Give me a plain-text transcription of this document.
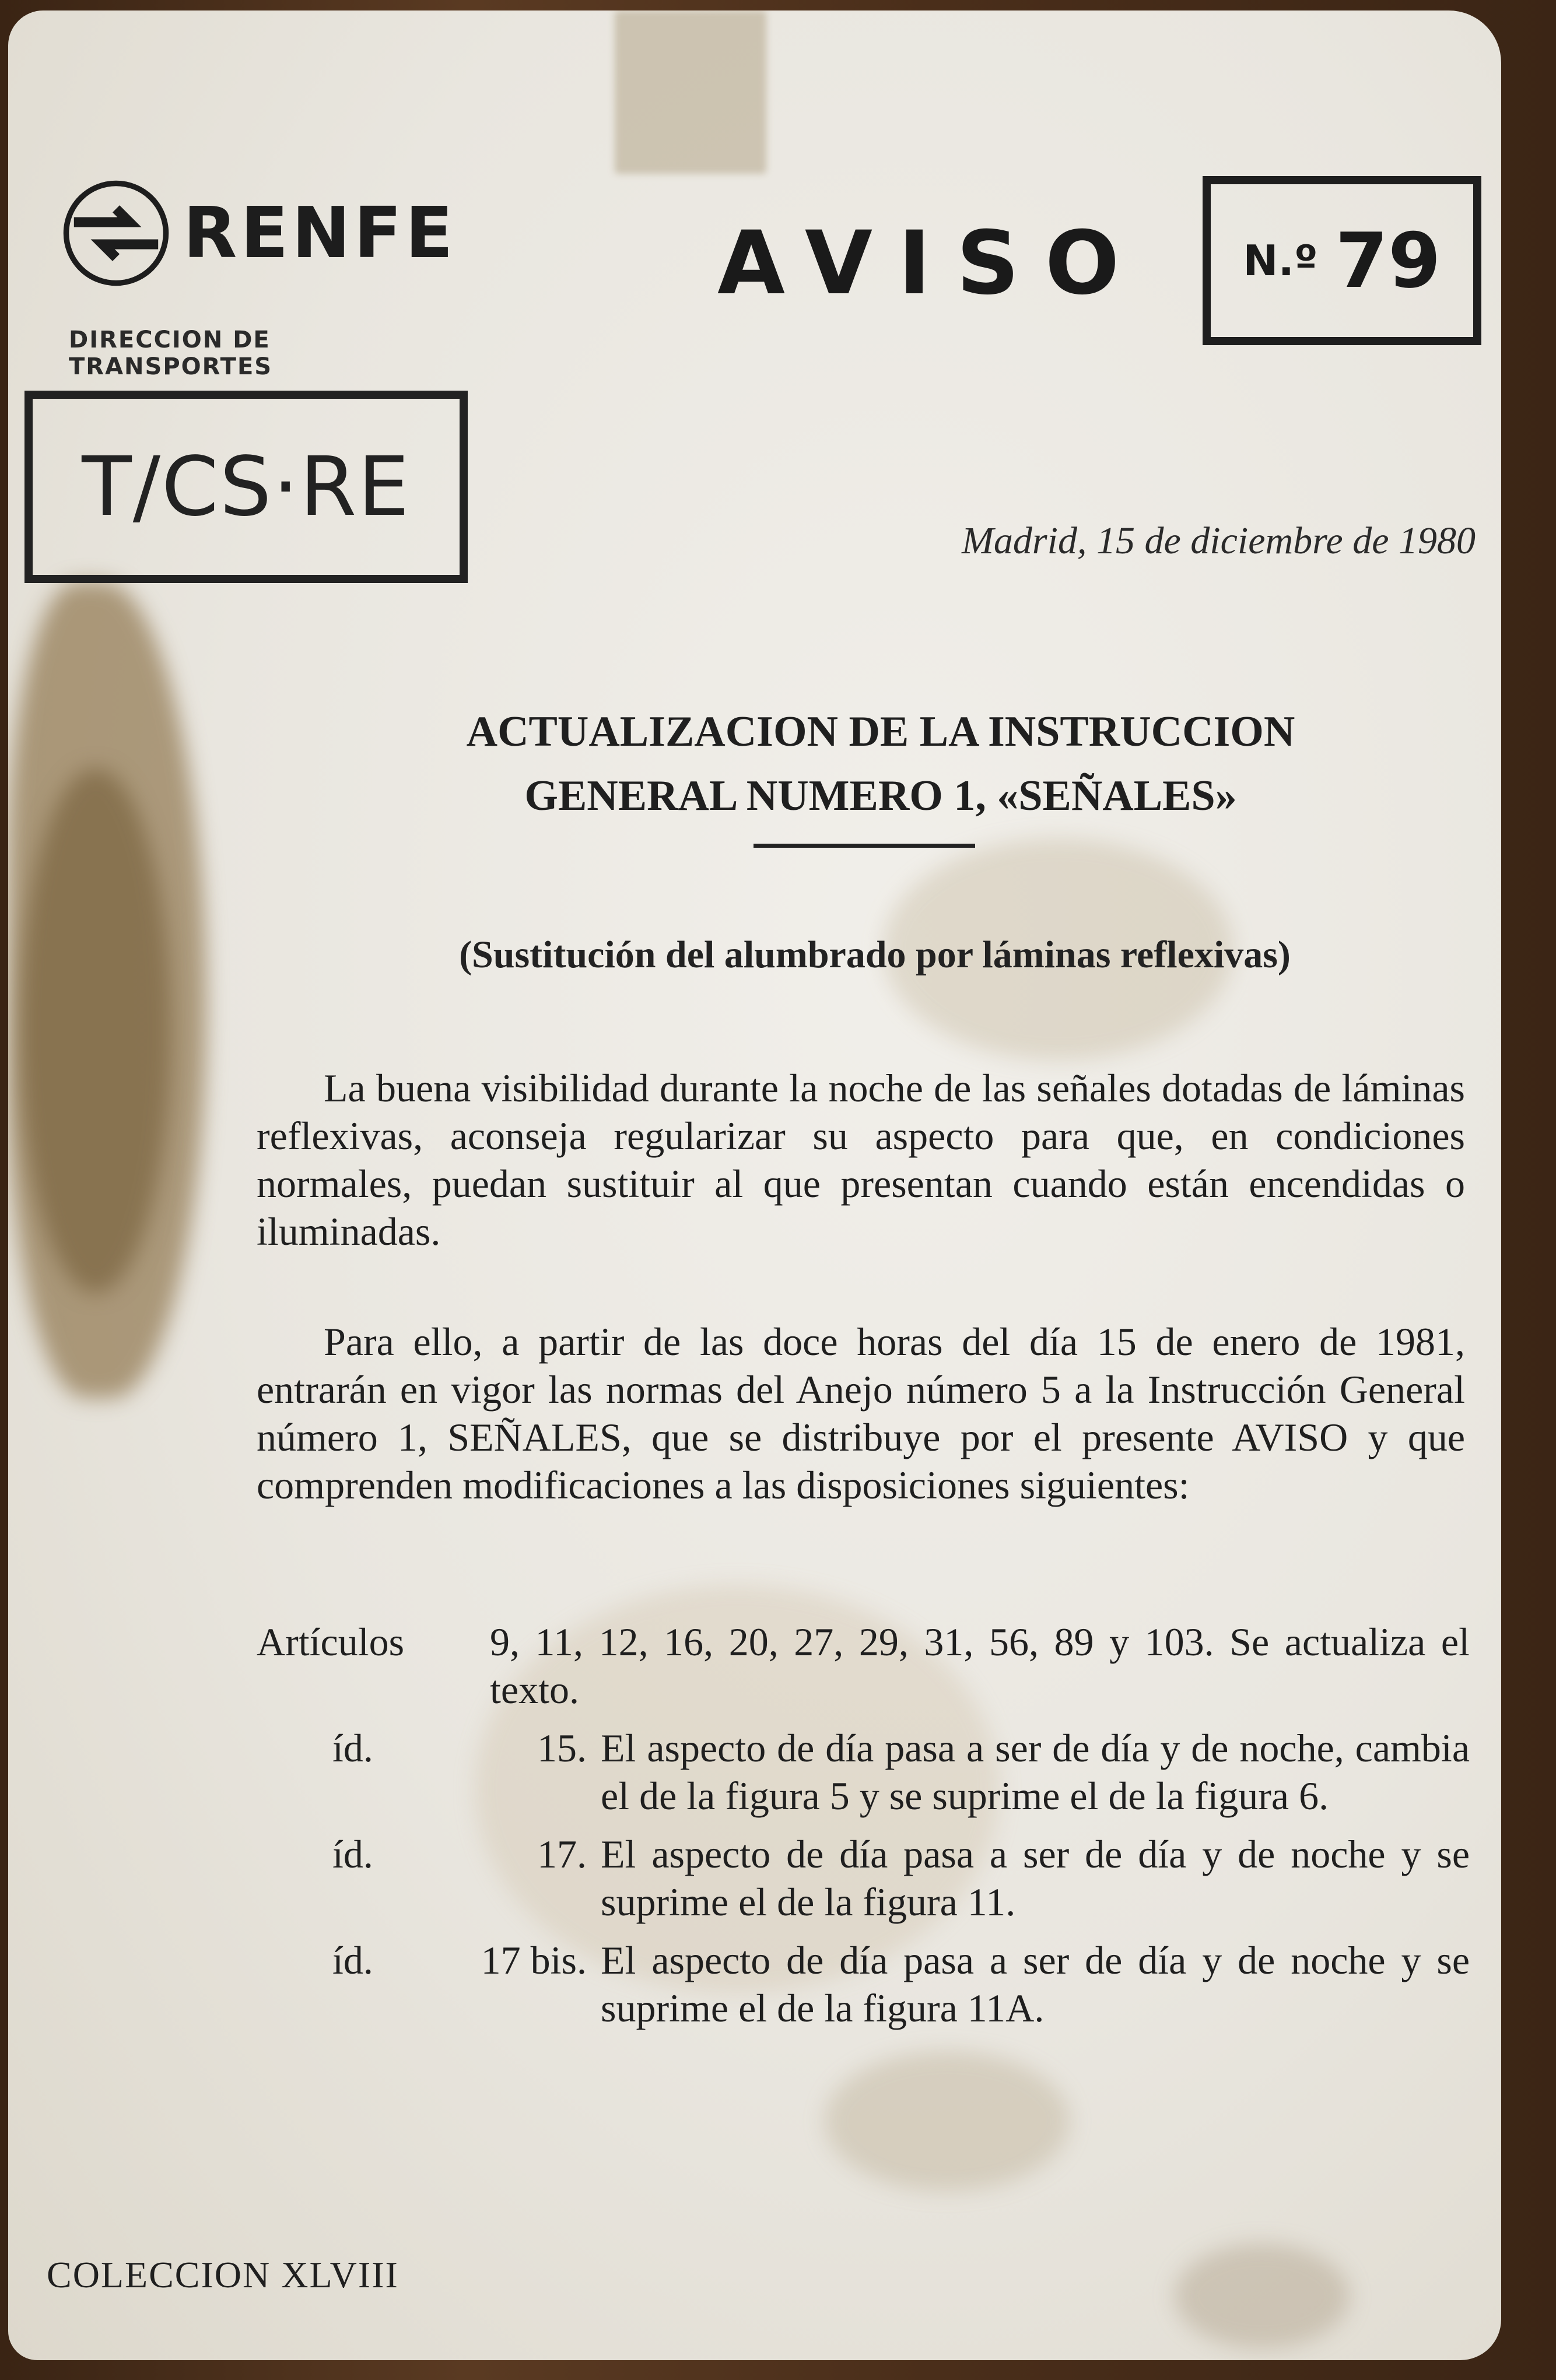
RENFE
DIRECCION DE TRANSPORTES
T/CS·RE
AVISO N.º 79
Madrid, 15 de diciembre de 1980
ACTUALIZACION DE LA INSTRUCCION
GENERAL NUMERO 1, «SEÑALES»
(Sustitución del alumbrado por láminas reflexivas)
La buena visibilidad durante la noche de las señales dotadas de láminas reflexivas, aconseja regularizar su aspecto para que, en condiciones normales, puedan sustituir al que presentan cuando están encendidas o iluminadas.
Para ello, a partir de las doce horas del día 15 de enero de 1981, entrarán en vigor las normas del Anejo número 5 a la Instrucción General número 1, SEÑALES, que se distribuye por el presente AVISO y que comprenden modificaciones a las disposiciones siguientes:
Artículos	9, 11, 12, 16, 20, 27, 29, 31, 56, 89 y 103. Se actualiza el texto.
íd.	15. El aspecto de día pasa a ser de día y de noche, cambia el de la figura 5 y se suprime el de la figura 6.
íd.	17. El aspecto de día pasa a ser de día y de noche y se suprime el de la figura 11.
íd.	17 bis. El aspecto de día pasa a ser de día y de noche y se suprime el de la figura 11A.
COLECCION XLVIII
